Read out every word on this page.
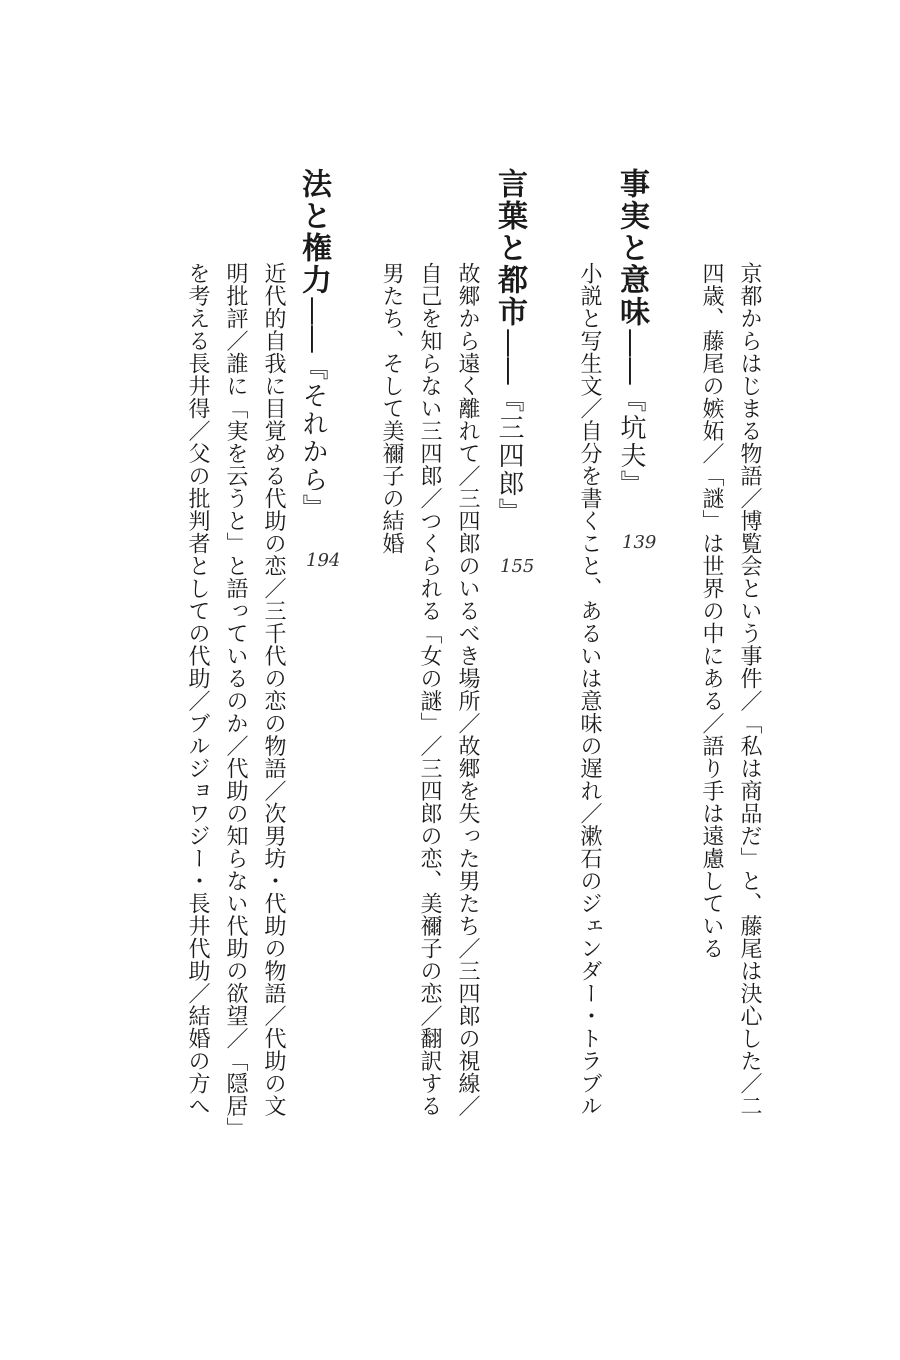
京都からはじまる物語／博覧会という事件／「私は商品だ」と、藤尾は決心した／二
四歳、藤尾の嫉妬／「謎」は世界の中にある／語り手は遠慮している
事実と意味——『坑夫』
139
小説と写生文／自分を書くこと、あるいは意味の遅れ／漱石のジェンダー・トラブル
言葉と都市——『三四郎』
155
故郷から遠く離れて／三四郎のいるべき場所／故郷を失った男たち／三四郎の視線／
自己を知らない三四郎／つくられる「女の謎」／三四郎の恋、美禰子の恋／翻訳する
男たち、そして美禰子の結婚
法と権力——『それから』
194
近代的自我に目覚める代助の恋／三千代の恋の物語／次男坊・代助の物語／代助の文
明批評／誰に「実を云うと」と語っているのか／代助の知らない代助の欲望／「隠居」
を考える長井得／父の批判者としての代助／ブルジョワジー・長井代助／結婚の方へ
